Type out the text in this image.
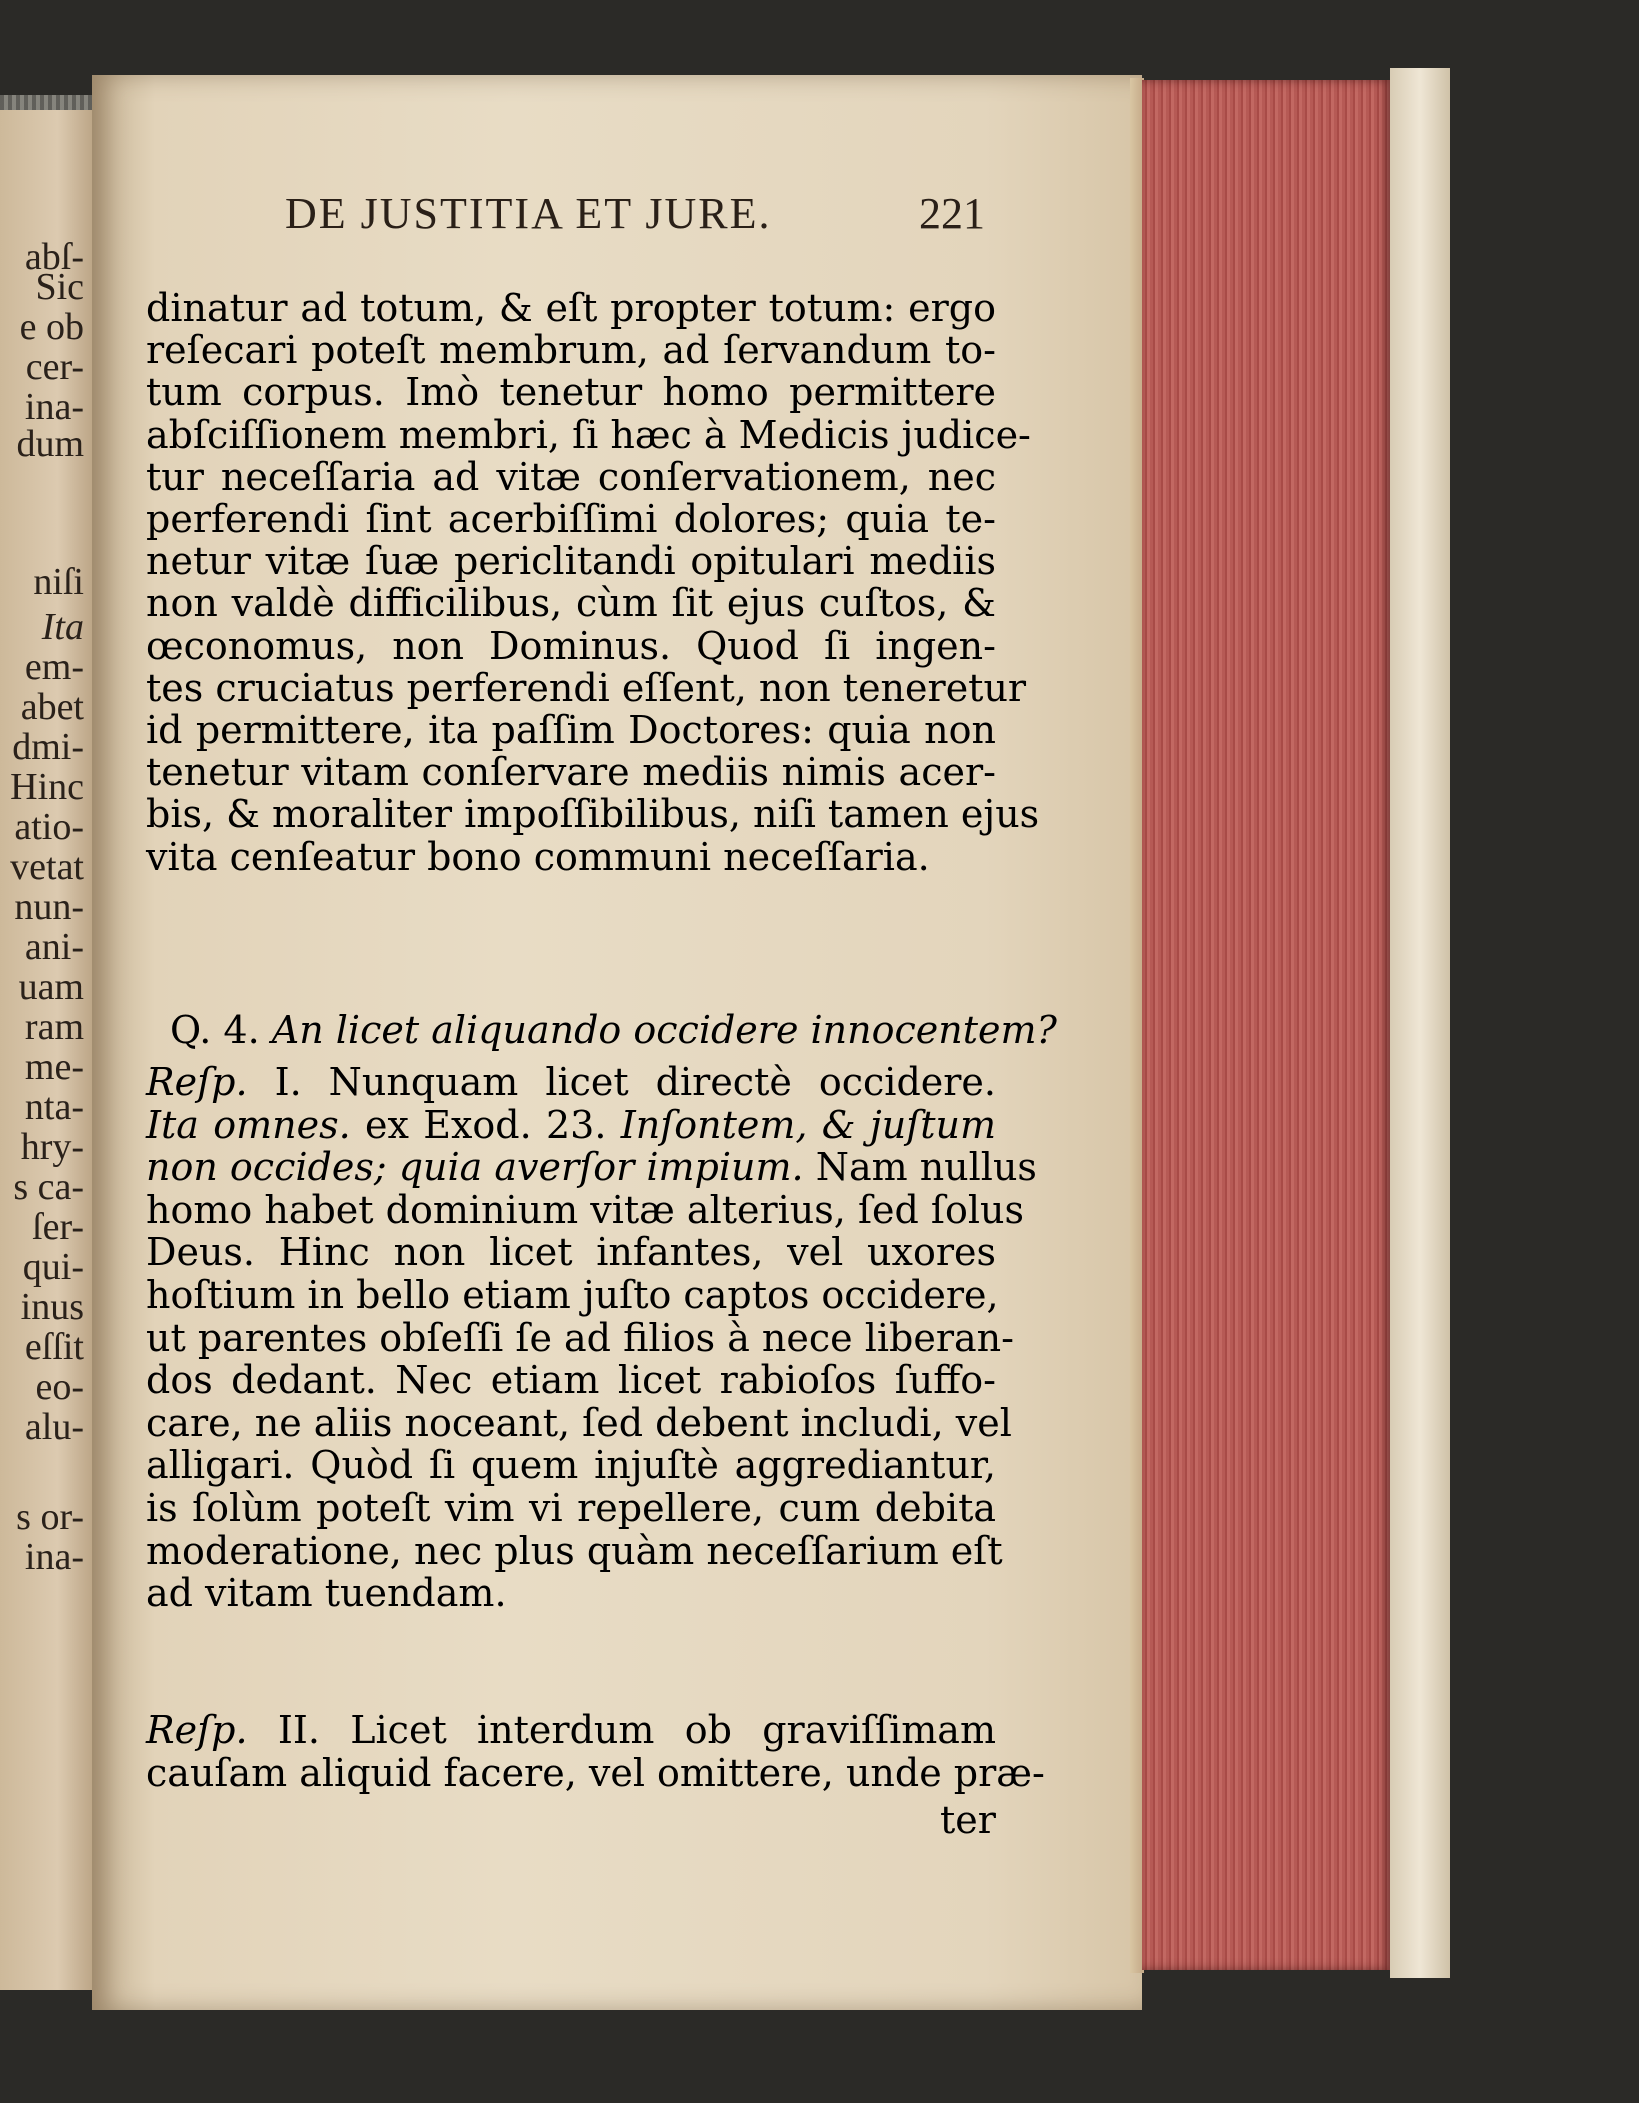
abſ-
Sic
e ob
cer-
ina-
dum
niſi
Ita
em-
abet
dmi-
Hinc
atio-
vetat
nun-
ani-
uam
ram
me-
nta-
hry-
s ca-
ſer-
qui-
inus
eſſit
eo-
alu-
s or-
ina-
DE JUSTITIA ET JURE.	221
dinatur ad totum, & eſt propter totum: ergo
reſecari poteſt membrum, ad ſervandum to-
tum corpus. Imò tenetur homo permittere
abſciſſionem membri, ſi hæc à Medicis judice-
tur neceſſaria ad vitæ conſervationem, nec
perferendi ſint acerbiſſimi dolores; quia te-
netur vitæ ſuæ periclitandi opitulari mediis
non valdè difficilibus, cùm ſit ejus cuſtos, &
œconomus, non Dominus. Quod ſi ingen-
tes cruciatus perferendi eſſent, non teneretur
id permittere, ita paſſim Doctores: quia non
tenetur vitam conſervare mediis nimis acer-
bis, & moraliter impoſſibilibus, niſi tamen ejus
vita cenſeatur bono communi neceſſaria.
Q. 4. An licet aliquando occidere innocentem?
Reſp. I. Nunquam licet directè occidere.
Ita omnes. ex Exod. 23. Inſontem, & juſtum
non occides; quia averſor impium. Nam nullus
homo habet dominium vitæ alterius, ſed ſolus
Deus. Hinc non licet infantes, vel uxores
hoſtium in bello etiam juſto captos occidere,
ut parentes obſeſſi ſe ad filios à nece liberan-
dos dedant. Nec etiam licet rabioſos ſuffo-
care, ne aliis noceant, ſed debent includi, vel
alligari. Quòd ſi quem injuſtè aggrediantur,
is ſolùm poteſt vim vi repellere, cum debita
moderatione, nec plus quàm neceſſarium eſt
ad vitam tuendam.
Reſp. II. Licet interdum ob graviſſimam
cauſam aliquid facere, vel omittere, unde præ-
ter
